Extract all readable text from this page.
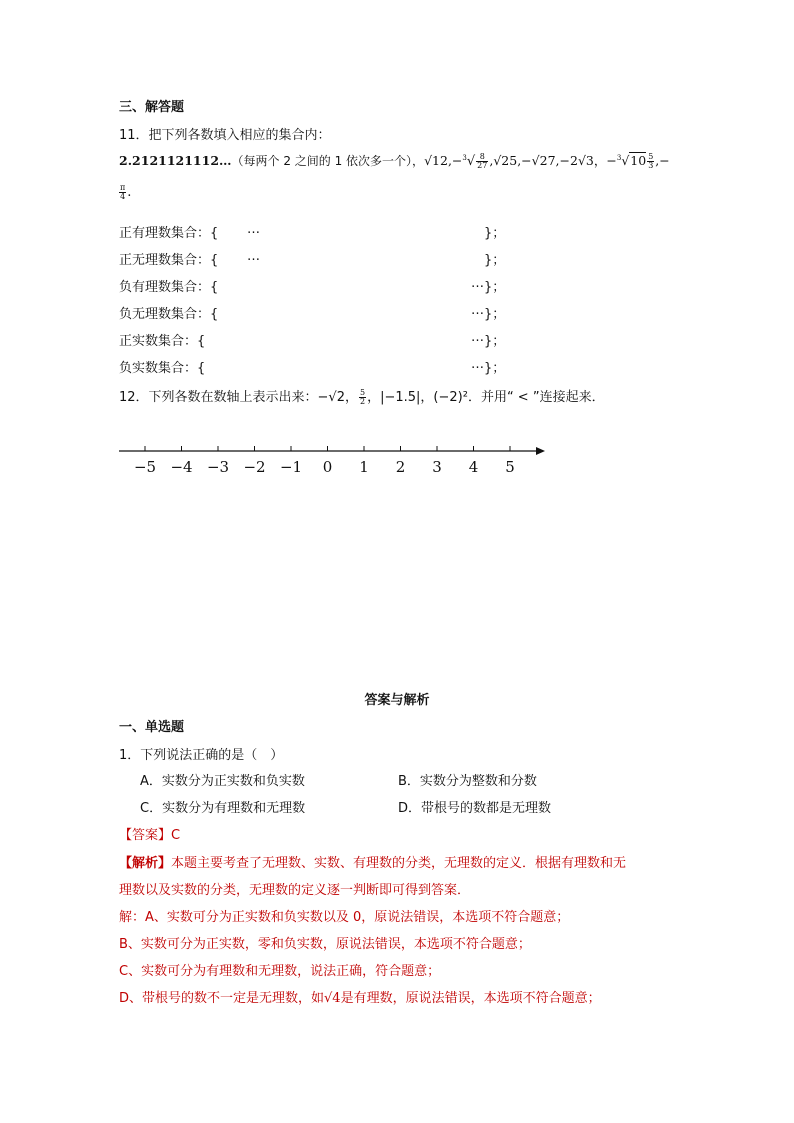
三、解答题
11．把下列各数填入相应的集合内：
2.2121121112…（每两个 2 之间的 1 依次多一个），$√12,-^3√ \frac{8}{27} ,√25,-√27,-2√3$，$-^3√10 \frac{5}{3}$ ,−
$\frac{\pi}{4}$ .
正有理数集合：{ …	}；
正无理数集合：{ …	}；
负有理数集合：{	… }；
负无理数集合：{	… }；
正实数集合：{	… }；
负实数集合：{	… }；
12．下列各数在数轴上表示出来：−√2， $\frac{5}{2}$ ，|−1.5|，(−2)²．并用“ < ”连接起来．
−5 −4 −3 −2 −1 0 1 2 3 4 5
答案与解析
一、单选题
1．下列说法正确的是（　）
A．实数分为正实数和负实数	B．实数分为整数和分数
C．实数分为有理数和无理数	D．带根号的数都是无理数
【答案】C
【解析】本题主要考查了无理数、实数、有理数的分类，无理数的定义．根据有理数和无
理数以及实数的分类，无理数的定义逐一判断即可得到答案．
解：A、实数可分为正实数和负实数以及 0，原说法错误，本选项不符合题意；
B、实数可分为正实数，零和负实数，原说法错误，本选项不符合题意；
C、实数可分为有理数和无理数，说法正确，符合题意；
D、带根号的数不一定是无理数，如√4是有理数，原说法错误，本选项不符合题意；
